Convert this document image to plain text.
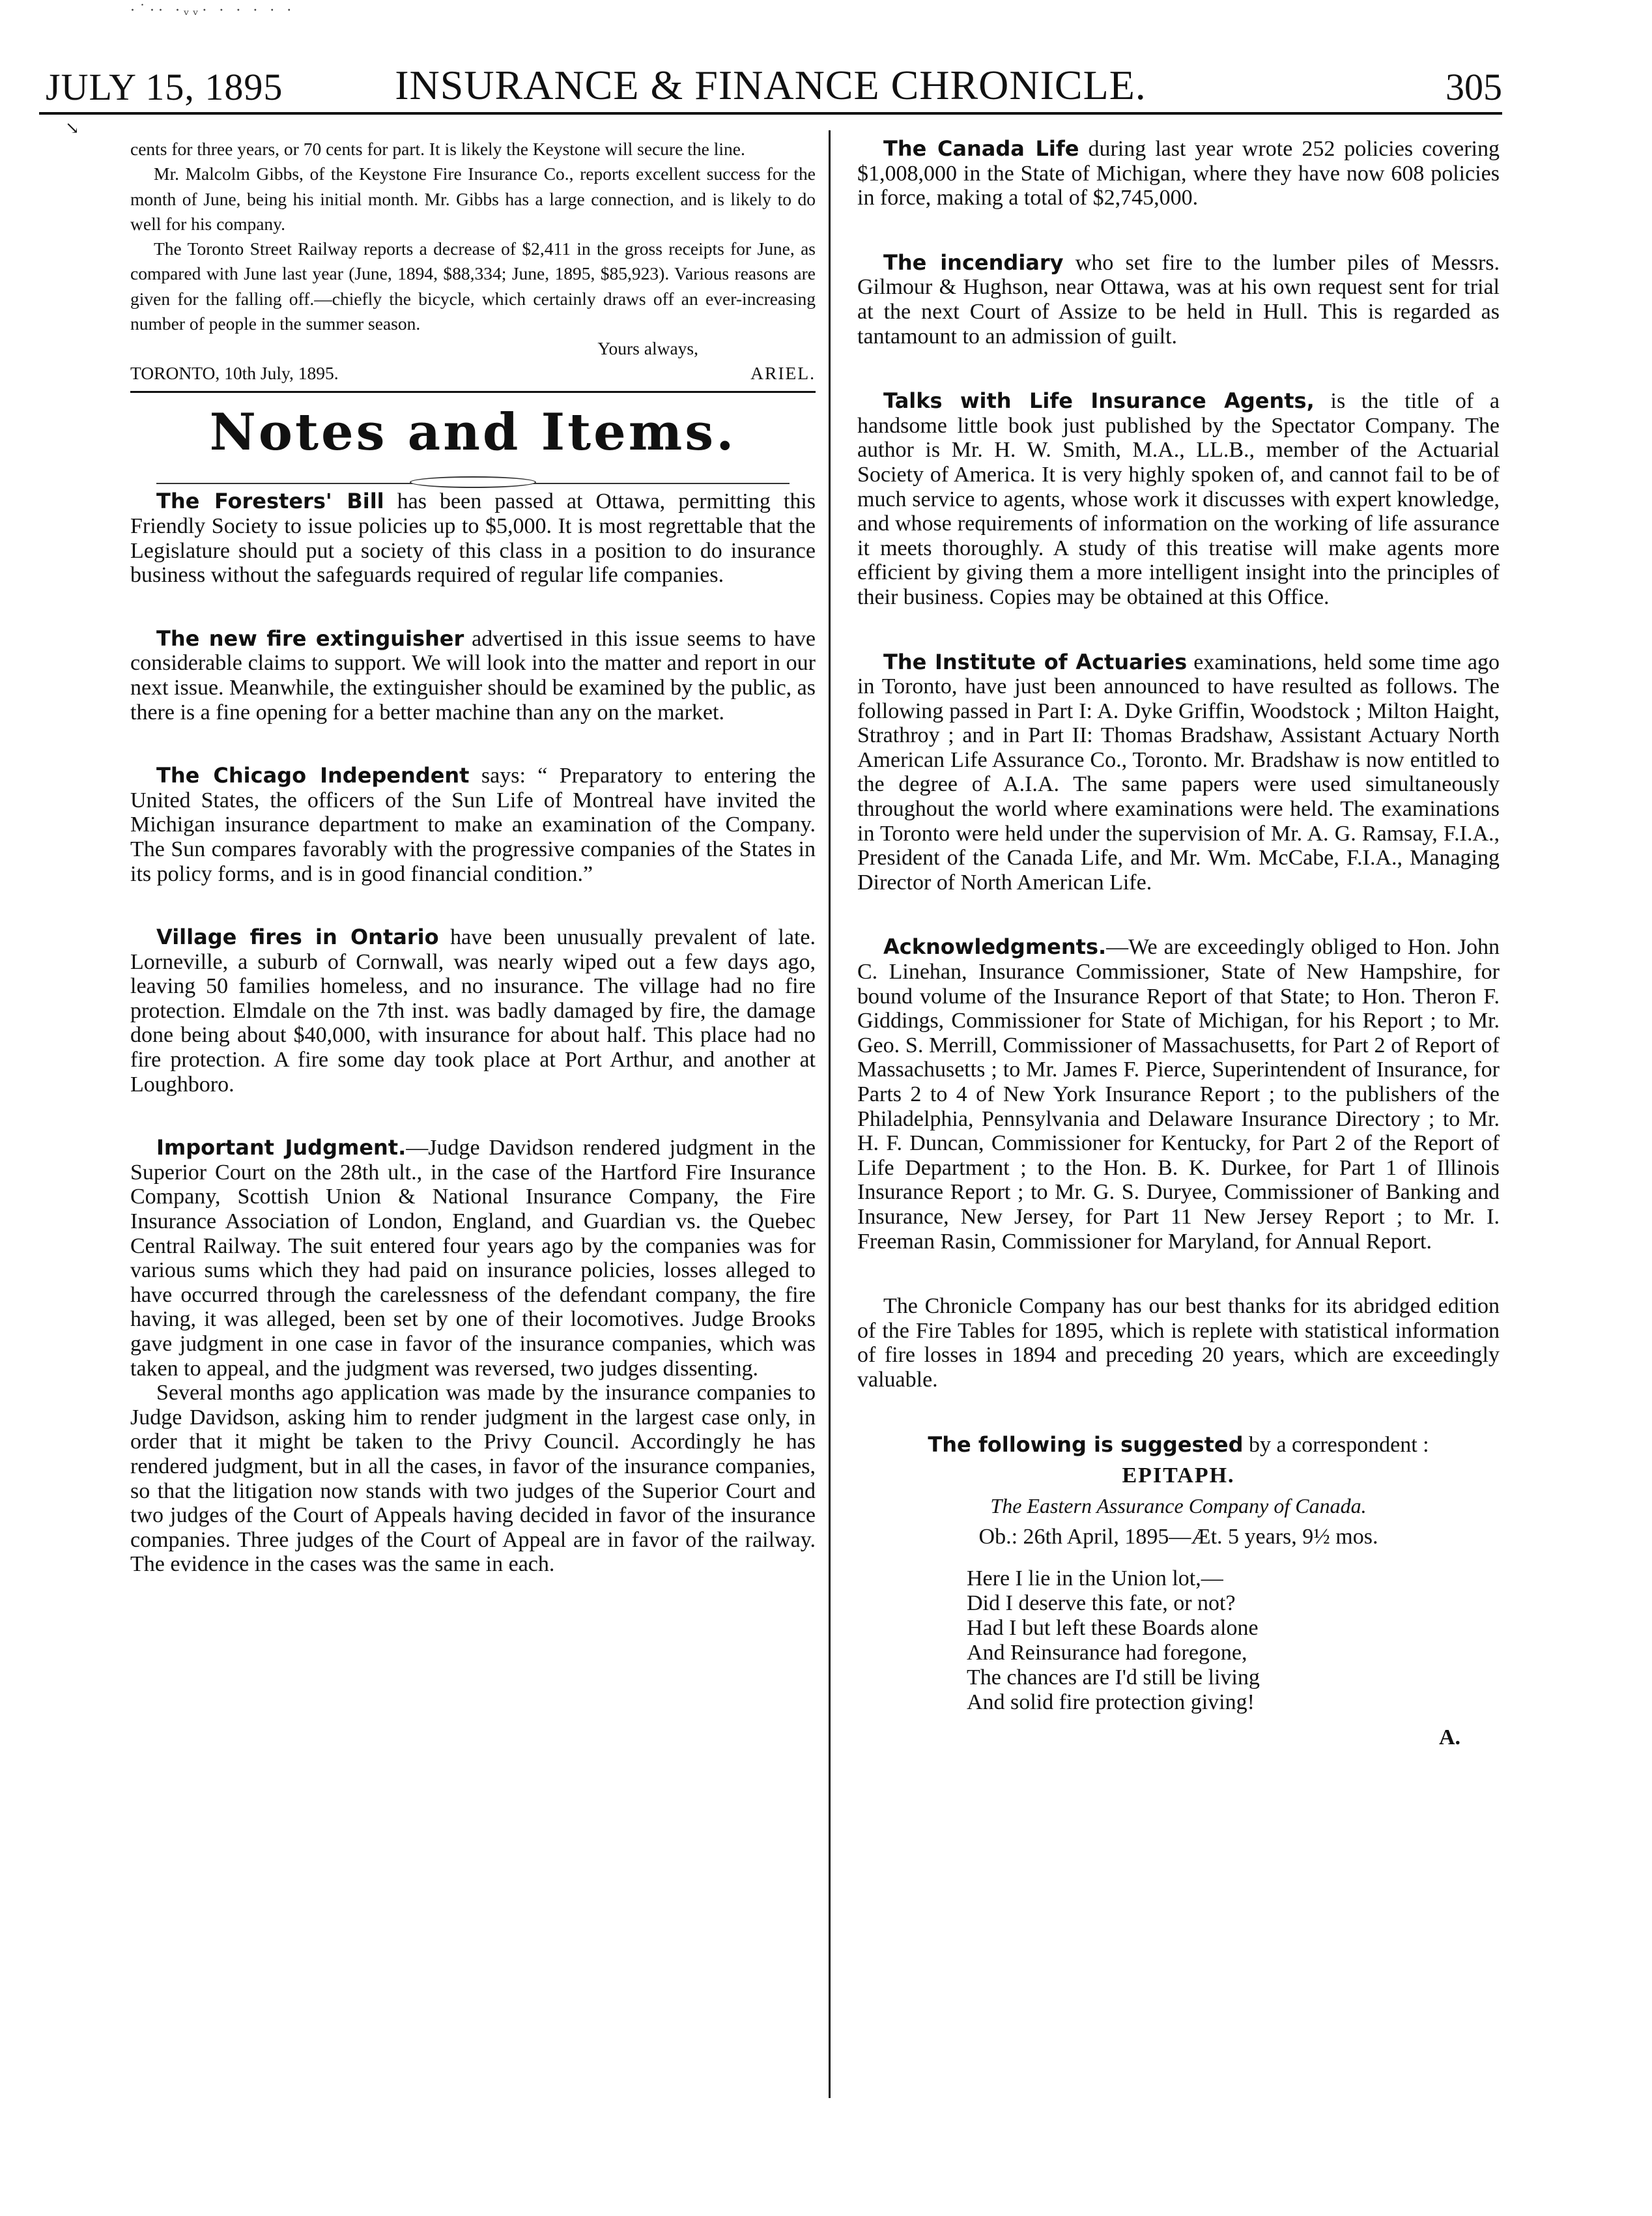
·˙·· ·ᵥᵥ· · · · · ·
JULY 15, 1895	INSURANCE & FINANCE CHRONICLE.	305
↘

cents for three years, or 70 cents for part. It is likely the Keystone will secure the line.

Mr. Malcolm Gibbs, of the Keystone Fire Insurance Co., reports excellent success for the month of June, being his initial month. Mr. Gibbs has a large connection, and is likely to do well for his company.

The Toronto Street Railway reports a decrease of $2,411 in the gross receipts for June, as compared with June last year (June, 1894, $88,334; June, 1895, $85,923). Various reasons are given for the falling off.—chiefly the bicycle, which certainly draws off an ever-increasing number of people in the summer season.

Yours always,
TORONTO, 10th July, 1895.	ARIEL.
Notes and Items.

The Foresters' Bill has been passed at Ottawa, permitting this Friendly Society to issue policies up to $5,000. It is most regrettable that the Legislature should put a society of this class in a position to do insurance business without the safeguards required of regular life companies.

The new fire extinguisher advertised in this issue seems to have considerable claims to support. We will look into the matter and report in our next issue. Meanwhile, the extinguisher should be examined by the public, as there is a fine opening for a better machine than any on the market.

The Chicago Independent says: “ Preparatory to entering the United States, the officers of the Sun Life of Montreal have invited the Michigan insurance department to make an examination of the Company. The Sun compares favorably with the progressive companies of the States in its policy forms, and is in good financial condition.”

Village fires in Ontario have been unusually prevalent of late. Lorneville, a suburb of Cornwall, was nearly wiped out a few days ago, leaving 50 families homeless, and no insurance. The village had no fire protection. Elmdale on the 7th inst. was badly damaged by fire, the damage done being about $40,000, with insurance for about half. This place had no fire protection. A fire some day took place at Port Arthur, and another at Loughboro.

Important Judgment.—Judge Davidson rendered judgment in the Superior Court on the 28th ult., in the case of the Hartford Fire Insurance Company, Scottish Union & National Insurance Company, the Fire Insurance Association of London, England, and Guardian vs. the Quebec Central Railway. The suit entered four years ago by the companies was for various sums which they had paid on insurance policies, losses alleged to have occurred through the carelessness of the defendant company, the fire having, it was alleged, been set by one of their locomotives. Judge Brooks gave judgment in one case in favor of the insurance companies, which was taken to appeal, and the judgment was reversed, two judges dissenting.

Several months ago application was made by the insurance companies to Judge Davidson, asking him to render judgment in the largest case only, in order that it might be taken to the Privy Council. Accordingly he has rendered judgment, but in all the cases, in favor of the insurance companies, so that the litigation now stands with two judges of the Superior Court and two judges of the Court of Appeals having decided in favor of the insurance companies. Three judges of the Court of Appeal are in favor of the railway. The evidence in the cases was the same in each.

The Canada Life during last year wrote 252 policies covering $1,008,000 in the State of Michigan, where they have now 608 policies in force, making a total of $2,745,000.

The incendiary who set fire to the lumber piles of Messrs. Gilmour & Hughson, near Ottawa, was at his own request sent for trial at the next Court of Assize to be held in Hull. This is regarded as tantamount to an admission of guilt.

Talks with Life Insurance Agents, is the title of a handsome little book just published by the Spectator Company. The author is Mr. H. W. Smith, M.A., LL.B., member of the Actuarial Society of America. It is very highly spoken of, and cannot fail to be of much service to agents, whose work it discusses with expert knowledge, and whose requirements of information on the working of life assurance it meets thoroughly. A study of this treatise will make agents more efficient by giving them a more intelligent insight into the principles of their business. Copies may be obtained at this Office.

The Institute of Actuaries examinations, held some time ago in Toronto, have just been announced to have resulted as follows. The following passed in Part I: A. Dyke Griffin, Woodstock ; Milton Haight, Strathroy ; and in Part II: Thomas Bradshaw, Assistant Actuary North American Life Assurance Co., Toronto. Mr. Bradshaw is now entitled to the degree of A.I.A. The same papers were used simultaneously throughout the world where examinations were held. The examinations in Toronto were held under the supervision of Mr. A. G. Ramsay, F.I.A., President of the Canada Life, and Mr. Wm. McCabe, F.I.A., Managing Director of North American Life.

Acknowledgments.—We are exceedingly obliged to Hon. John C. Linehan, Insurance Commissioner, State of New Hampshire, for bound volume of the Insurance Report of that State; to Hon. Theron F. Giddings, Commissioner for State of Michigan, for his Report ; to Mr. Geo. S. Merrill, Commissioner of Massachusetts, for Part 2 of Report of Massachusetts ; to Mr. James F. Pierce, Superintendent of Insurance, for Parts 2 to 4 of New York Insurance Report ; to the publishers of the Philadelphia, Pennsylvania and Delaware Insurance Directory ; to Mr. H. F. Duncan, Commissioner for Kentucky, for Part 2 of the Report of Life Department ; to the Hon. B. K. Durkee, for Part 1 of Illinois Insurance Report ; to Mr. G. S. Duryee, Commissioner of Banking and Insurance, New Jersey, for Part 11 New Jersey Report ; to Mr. I. Freeman Rasin, Commissioner for Maryland, for Annual Report.

The Chronicle Company has our best thanks for its abridged edition of the Fire Tables for 1895, which is replete with statistical information of fire losses in 1894 and preceding 20 years, which are exceedingly valuable.

The following is suggested by a correspondent :
EPITAPH.
The Eastern Assurance Company of Canada.
Ob.: 26th April, 1895—Æt. 5 years, 9½ mos.
Here I lie in the Union lot,—
Did I deserve this fate, or not?
Had I but left these Boards alone
And Reinsurance had foregone,
The chances are I'd still be living
And solid fire protection giving!
A.
